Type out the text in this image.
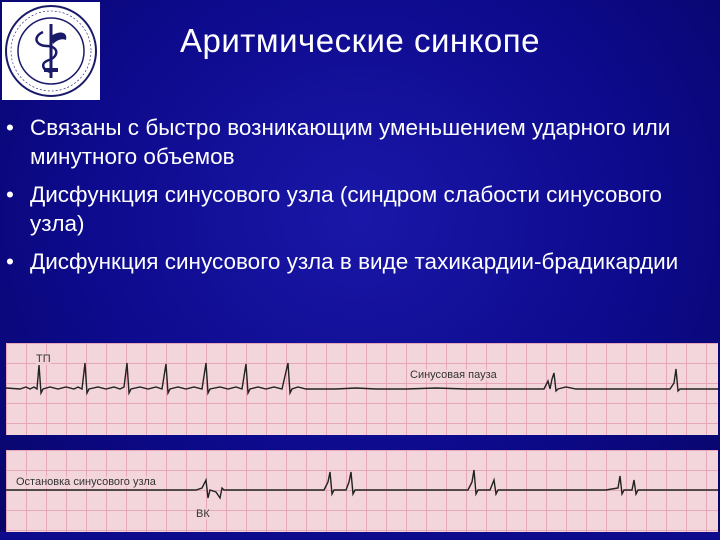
Аритмические синкопе
• Связаны с быстро возникающим уменьшением ударного или минутного объемов
• Дисфункция синусового узла (синдром слабости синусового узла)
• Дисфункция синусового узла в виде тахикардии-брадикардии
ТП
Синусовая пауза
Остановка синусового узла
ВК
